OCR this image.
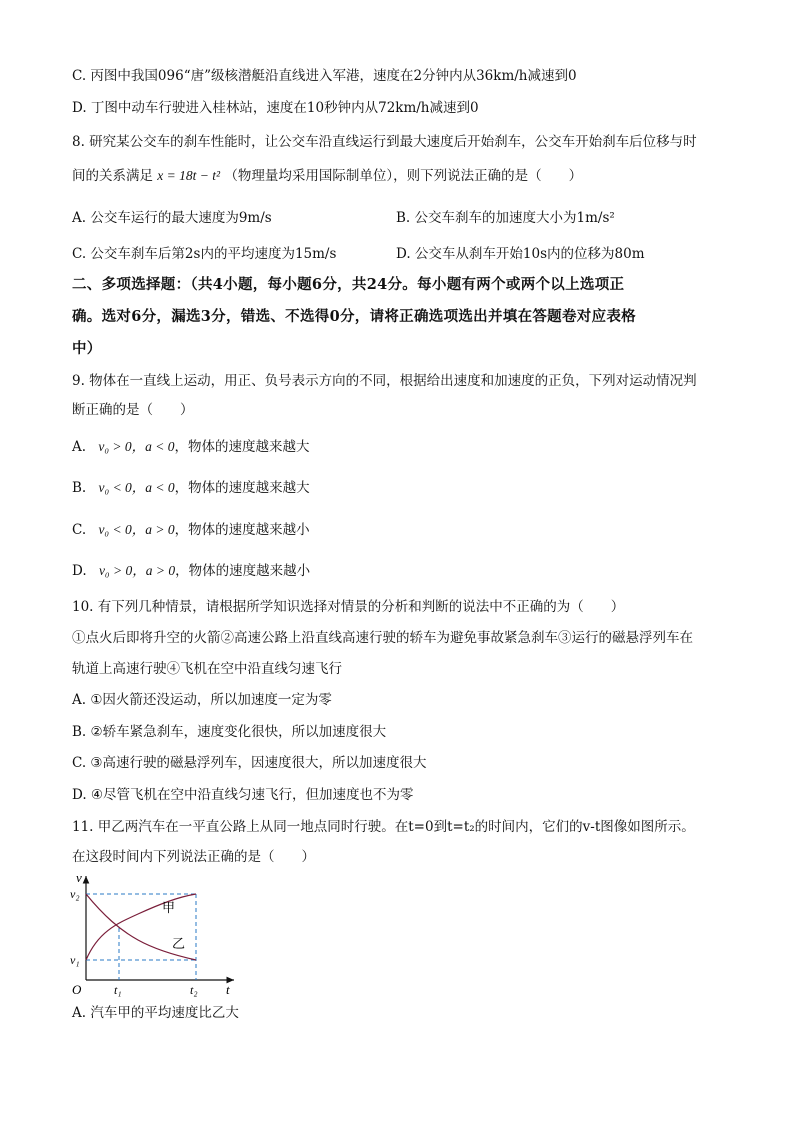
C. 丙图中我国096“唐”级核潜艇沿直线进入军港，速度在2分钟内从36km/h减速到0
D. 丁图中动车行驶进入桂林站，速度在10秒钟内从72km/h减速到0
8. 研究某公交车的刹车性能时，让公交车沿直线运行到最大速度后开始刹车，公交车开始刹车后位移与时
间的关系满足 x = 18t − t² （物理量均采用国际制单位），则下列说法正确的是（　　）
A. 公交车运行的最大速度为9m/s	B. 公交车刹车的加速度大小为1m/s²
C. 公交车刹车后第2s内的平均速度为15m/s	D. 公交车从刹车开始10s内的位移为80m
二、多项选择题：（共4小题，每小题6分，共24分。每小题有两个或两个以上选项正
确。选对6分，漏选3分，错选、不选得0分，请将正确选项选出并填在答题卷对应表格
中）
9. 物体在一直线上运动，用正、负号表示方向的不同，根据给出速度和加速度的正负，下列对运动情况判
断正确的是（　　）
A. v₀ > 0，a < 0，物体的速度越来越大
B. v₀ < 0，a < 0，物体的速度越来越大
C. v₀ < 0，a > 0，物体的速度越来越小
D. v₀ > 0，a > 0，物体的速度越来越小
10. 有下列几种情景，请根据所学知识选择对情景的分析和判断的说法中不正确的为（　　）
①点火后即将升空的火箭②高速公路上沿直线高速行驶的轿车为避免事故紧急刹车③运行的磁悬浮列车在
轨道上高速行驶④飞机在空中沿直线匀速飞行
A. ①因火箭还没运动，所以加速度一定为零
B. ②轿车紧急刹车，速度变化很快，所以加速度很大
C. ③高速行驶的磁悬浮列车，因速度很大，所以加速度很大
D. ④尽管飞机在空中沿直线匀速飞行，但加速度也不为零
11. 甲乙两汽车在一平直公路上从同一地点同时行驶。在t=0到t=t₂的时间内，它们的v-t图像如图所示。
在这段时间内下列说法正确的是（　　）
v
t
O
v₂
v₁
t₁	t₂
甲
乙
A. 汽车甲的平均速度比乙大
